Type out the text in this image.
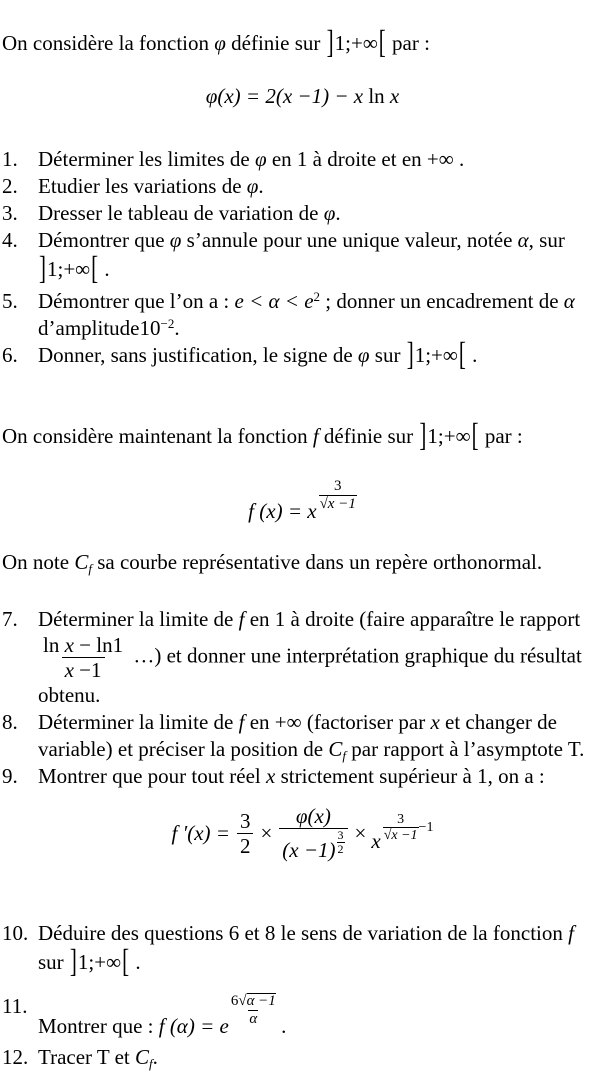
On considère la fonction φ définie sur ]1;+∞[ par :
φ(x) = 2(x −1) − x ln x
1. Déterminer les limites de φ en 1 à droite et en +∞ .
2. Etudier les variations de φ.
3. Dresser le tableau de variation de φ.
4. Démontrer que φ s’annule pour une unique valeur, notée α, sur
]1;+∞[ .
5. Démontrer que l’on a : $e < \alpha < e^2$ ; donner un encadrement de α
$d’amplitude10^{-2}$.
6. Donner, sans justification, le signe de φ sur ]1;+∞[ .
On considère maintenant la fonction f définie sur ]1;+∞[ par :
f (x) = x $\frac{3}{√x -1}$
On note $C_f$ sa courbe représentative dans un repère orthonormal.
7. Déterminer la limite de f en 1 à droite (faire apparaître le rapport
$\frac{\text{ln x − ln1}}{x -1}$ …) et donner une interprétation graphique du résultat
obtenu.
8. Déterminer la limite de f en +∞ (factoriser par x et changer de
variable) et préciser la position de $C_f$ par rapport à l’asymptote T.
9. Montrer que pour tout réel x strictement supérieur à 1, on a :
f $'(x) = \frac{3}{2} \times \frac{\varphi(x)}{(x -1) \frac{3}{2}} \times x \frac{3}{√x -1} -1$
10. Déduire des questions 6 et 8 le sens de variation de la fonction f
sur ]1;+∞[ .
11.
Montrer que : f (α) = e $\frac{6√\alpha -1}{\alpha}$ .
12. Tracer T et $C_f$.
